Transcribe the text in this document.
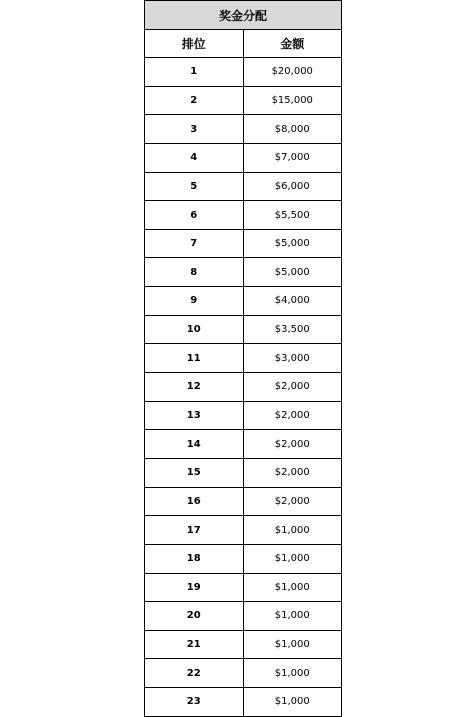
奖金分配	
排位	金额
1	$20,000
2	$15,000
3	$8,000
4	$7,000
5	$6,000
6	$5,500
7	$5,000
8	$5,000
9	$4,000
10	$3,500
11	$3,000
12	$2,000
13	$2,000
14	$2,000
15	$2,000
16	$2,000
17	$1,000
18	$1,000
19	$1,000
20	$1,000
21	$1,000
22	$1,000
23	$1,000
